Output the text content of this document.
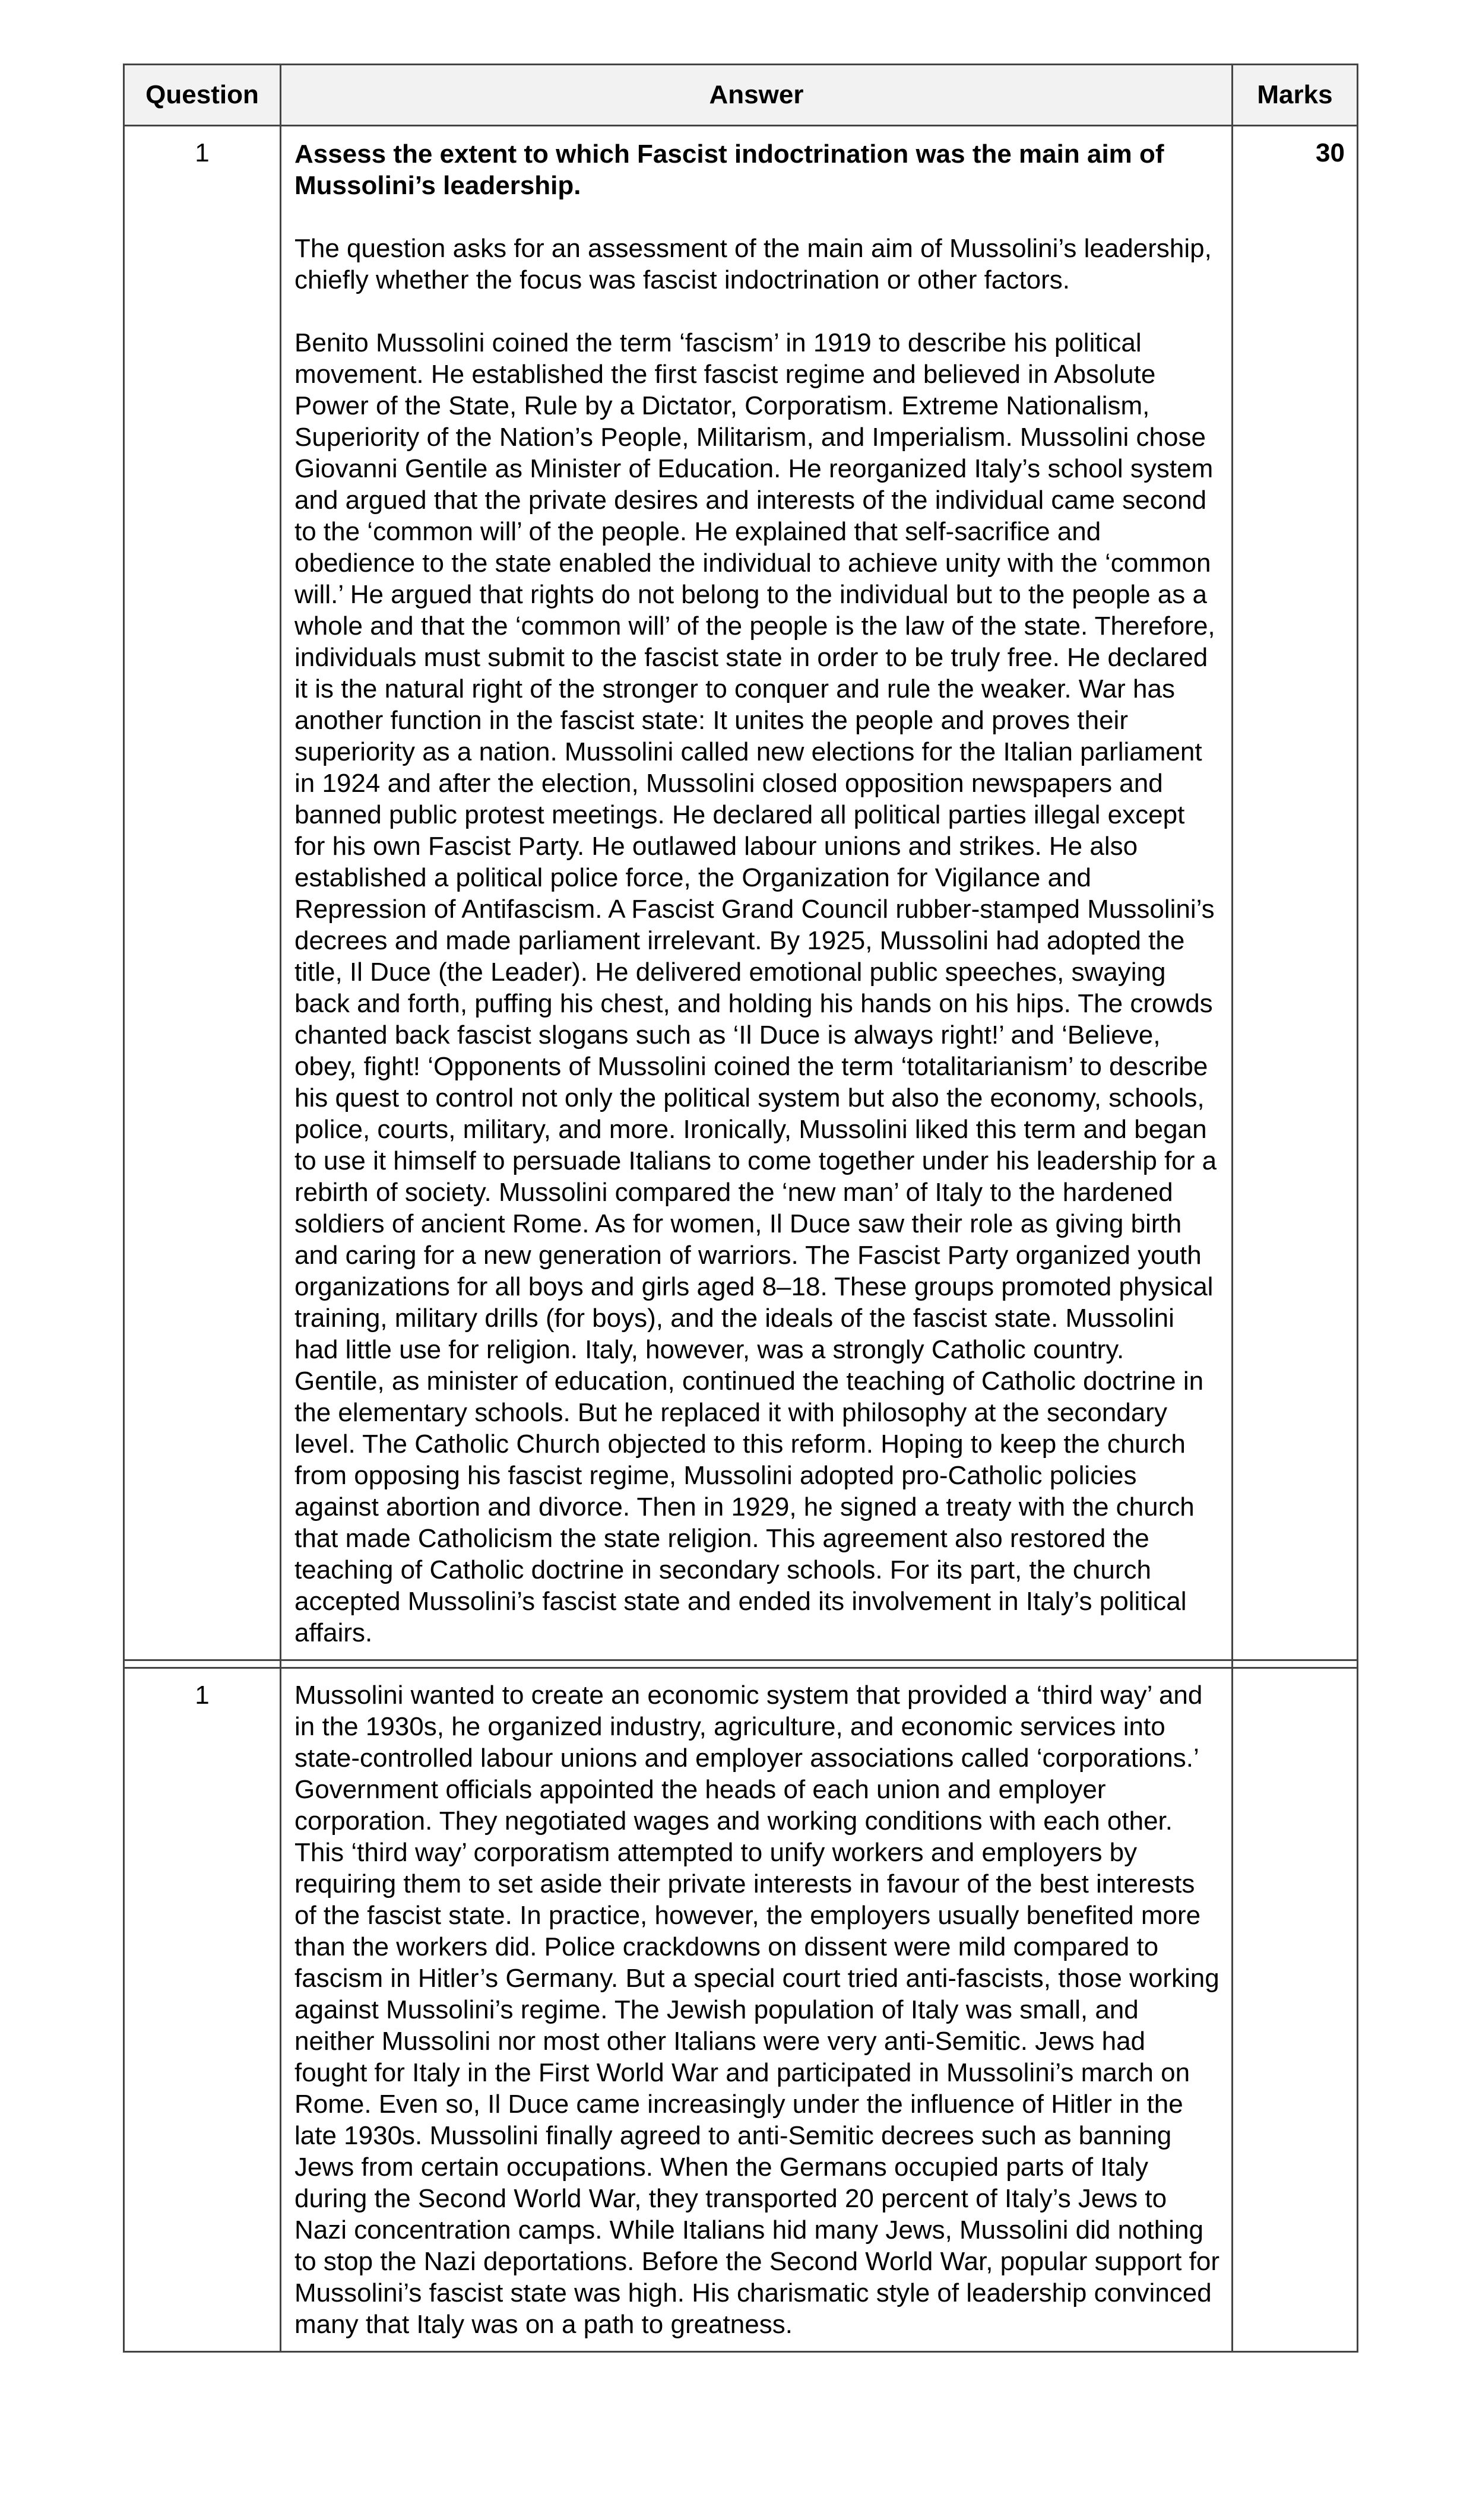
Question	Answer	Marks
1	Assess the extent to which Fascist indoctrination was the main aim of Mussolini’s leadership.

The question asks for an assessment of the main aim of Mussolini’s leadership, chiefly whether the focus was fascist indoctrination or other factors.

Benito Mussolini coined the term ‘fascism’ in 1919 to describe his political movement. He established the first fascist regime and believed in Absolute Power of the State, Rule by a Dictator, Corporatism. Extreme Nationalism, Superiority of the Nation’s People, Militarism, and Imperialism. Mussolini chose Giovanni Gentile as Minister of Education. He reorganized Italy’s school system and argued that the private desires and interests of the individual came second to the ‘common will’ of the people. He explained that self-sacrifice and obedience to the state enabled the individual to achieve unity with the ‘common will.’ He argued that rights do not belong to the individual but to the people as a whole and that the ‘common will’ of the people is the law of the state. Therefore, individuals must submit to the fascist state in order to be truly free. He declared it is the natural right of the stronger to conquer and rule the weaker. War has another function in the fascist state: It unites the people and proves their superiority as a nation. Mussolini called new elections for the Italian parliament in 1924 and after the election, Mussolini closed opposition newspapers and banned public protest meetings. He declared all political parties illegal except for his own Fascist Party. He outlawed labour unions and strikes. He also established a political police force, the Organization for Vigilance and Repression of Antifascism. A Fascist Grand Council rubber-stamped Mussolini’s decrees and made parliament irrelevant. By 1925, Mussolini had adopted the title, Il Duce (the Leader). He delivered emotional public speeches, swaying back and forth, puffing his chest, and holding his hands on his hips. The crowds chanted back fascist slogans such as ‘Il Duce is always right!’ and ‘Believe, obey, fight! ‘Opponents of Mussolini coined the term ‘totalitarianism’ to describe his quest to control not only the political system but also the economy, schools, police, courts, military, and more. Ironically, Mussolini liked this term and began to use it himself to persuade Italians to come together under his leadership for a rebirth of society. Mussolini compared the ‘new man’ of Italy to the hardened soldiers of ancient Rome. As for women, Il Duce saw their role as giving birth and caring for a new generation of warriors. The Fascist Party organized youth organizations for all boys and girls aged 8–18. These groups promoted physical training, military drills (for boys), and the ideals of the fascist state. Mussolini had little use for religion. Italy, however, was a strongly Catholic country. Gentile, as minister of education, continued the teaching of Catholic doctrine in the elementary schools. But he replaced it with philosophy at the secondary level. The Catholic Church objected to this reform. Hoping to keep the church from opposing his fascist regime, Mussolini adopted pro-Catholic policies against abortion and divorce. Then in 1929, he signed a treaty with the church that made Catholicism the state religion. This agreement also restored the teaching of Catholic doctrine in secondary schools. For its part, the church accepted Mussolini’s fascist state and ended its involvement in Italy’s political affairs.	30

1	Mussolini wanted to create an economic system that provided a ‘third way’ and in the 1930s, he organized industry, agriculture, and economic services into state-controlled labour unions and employer associations called ‘corporations.’ Government officials appointed the heads of each union and employer corporation. They negotiated wages and working conditions with each other. This ‘third way’ corporatism attempted to unify workers and employers by requiring them to set aside their private interests in favour of the best interests of the fascist state. In practice, however, the employers usually benefited more than the workers did. Police crackdowns on dissent were mild compared to fascism in Hitler’s Germany. But a special court tried anti-fascists, those working against Mussolini’s regime. The Jewish population of Italy was small, and neither Mussolini nor most other Italians were very anti-Semitic. Jews had fought for Italy in the First World War and participated in Mussolini’s march on Rome. Even so, Il Duce came increasingly under the influence of Hitler in the late 1930s. Mussolini finally agreed to anti-Semitic decrees such as banning Jews from certain occupations. When the Germans occupied parts of Italy during the Second World War, they transported 20 percent of Italy’s Jews to Nazi concentration camps. While Italians hid many Jews, Mussolini did nothing to stop the Nazi deportations. Before the Second World War, popular support for Mussolini’s fascist state was high. His charismatic style of leadership convinced many that Italy was on a path to greatness.	
